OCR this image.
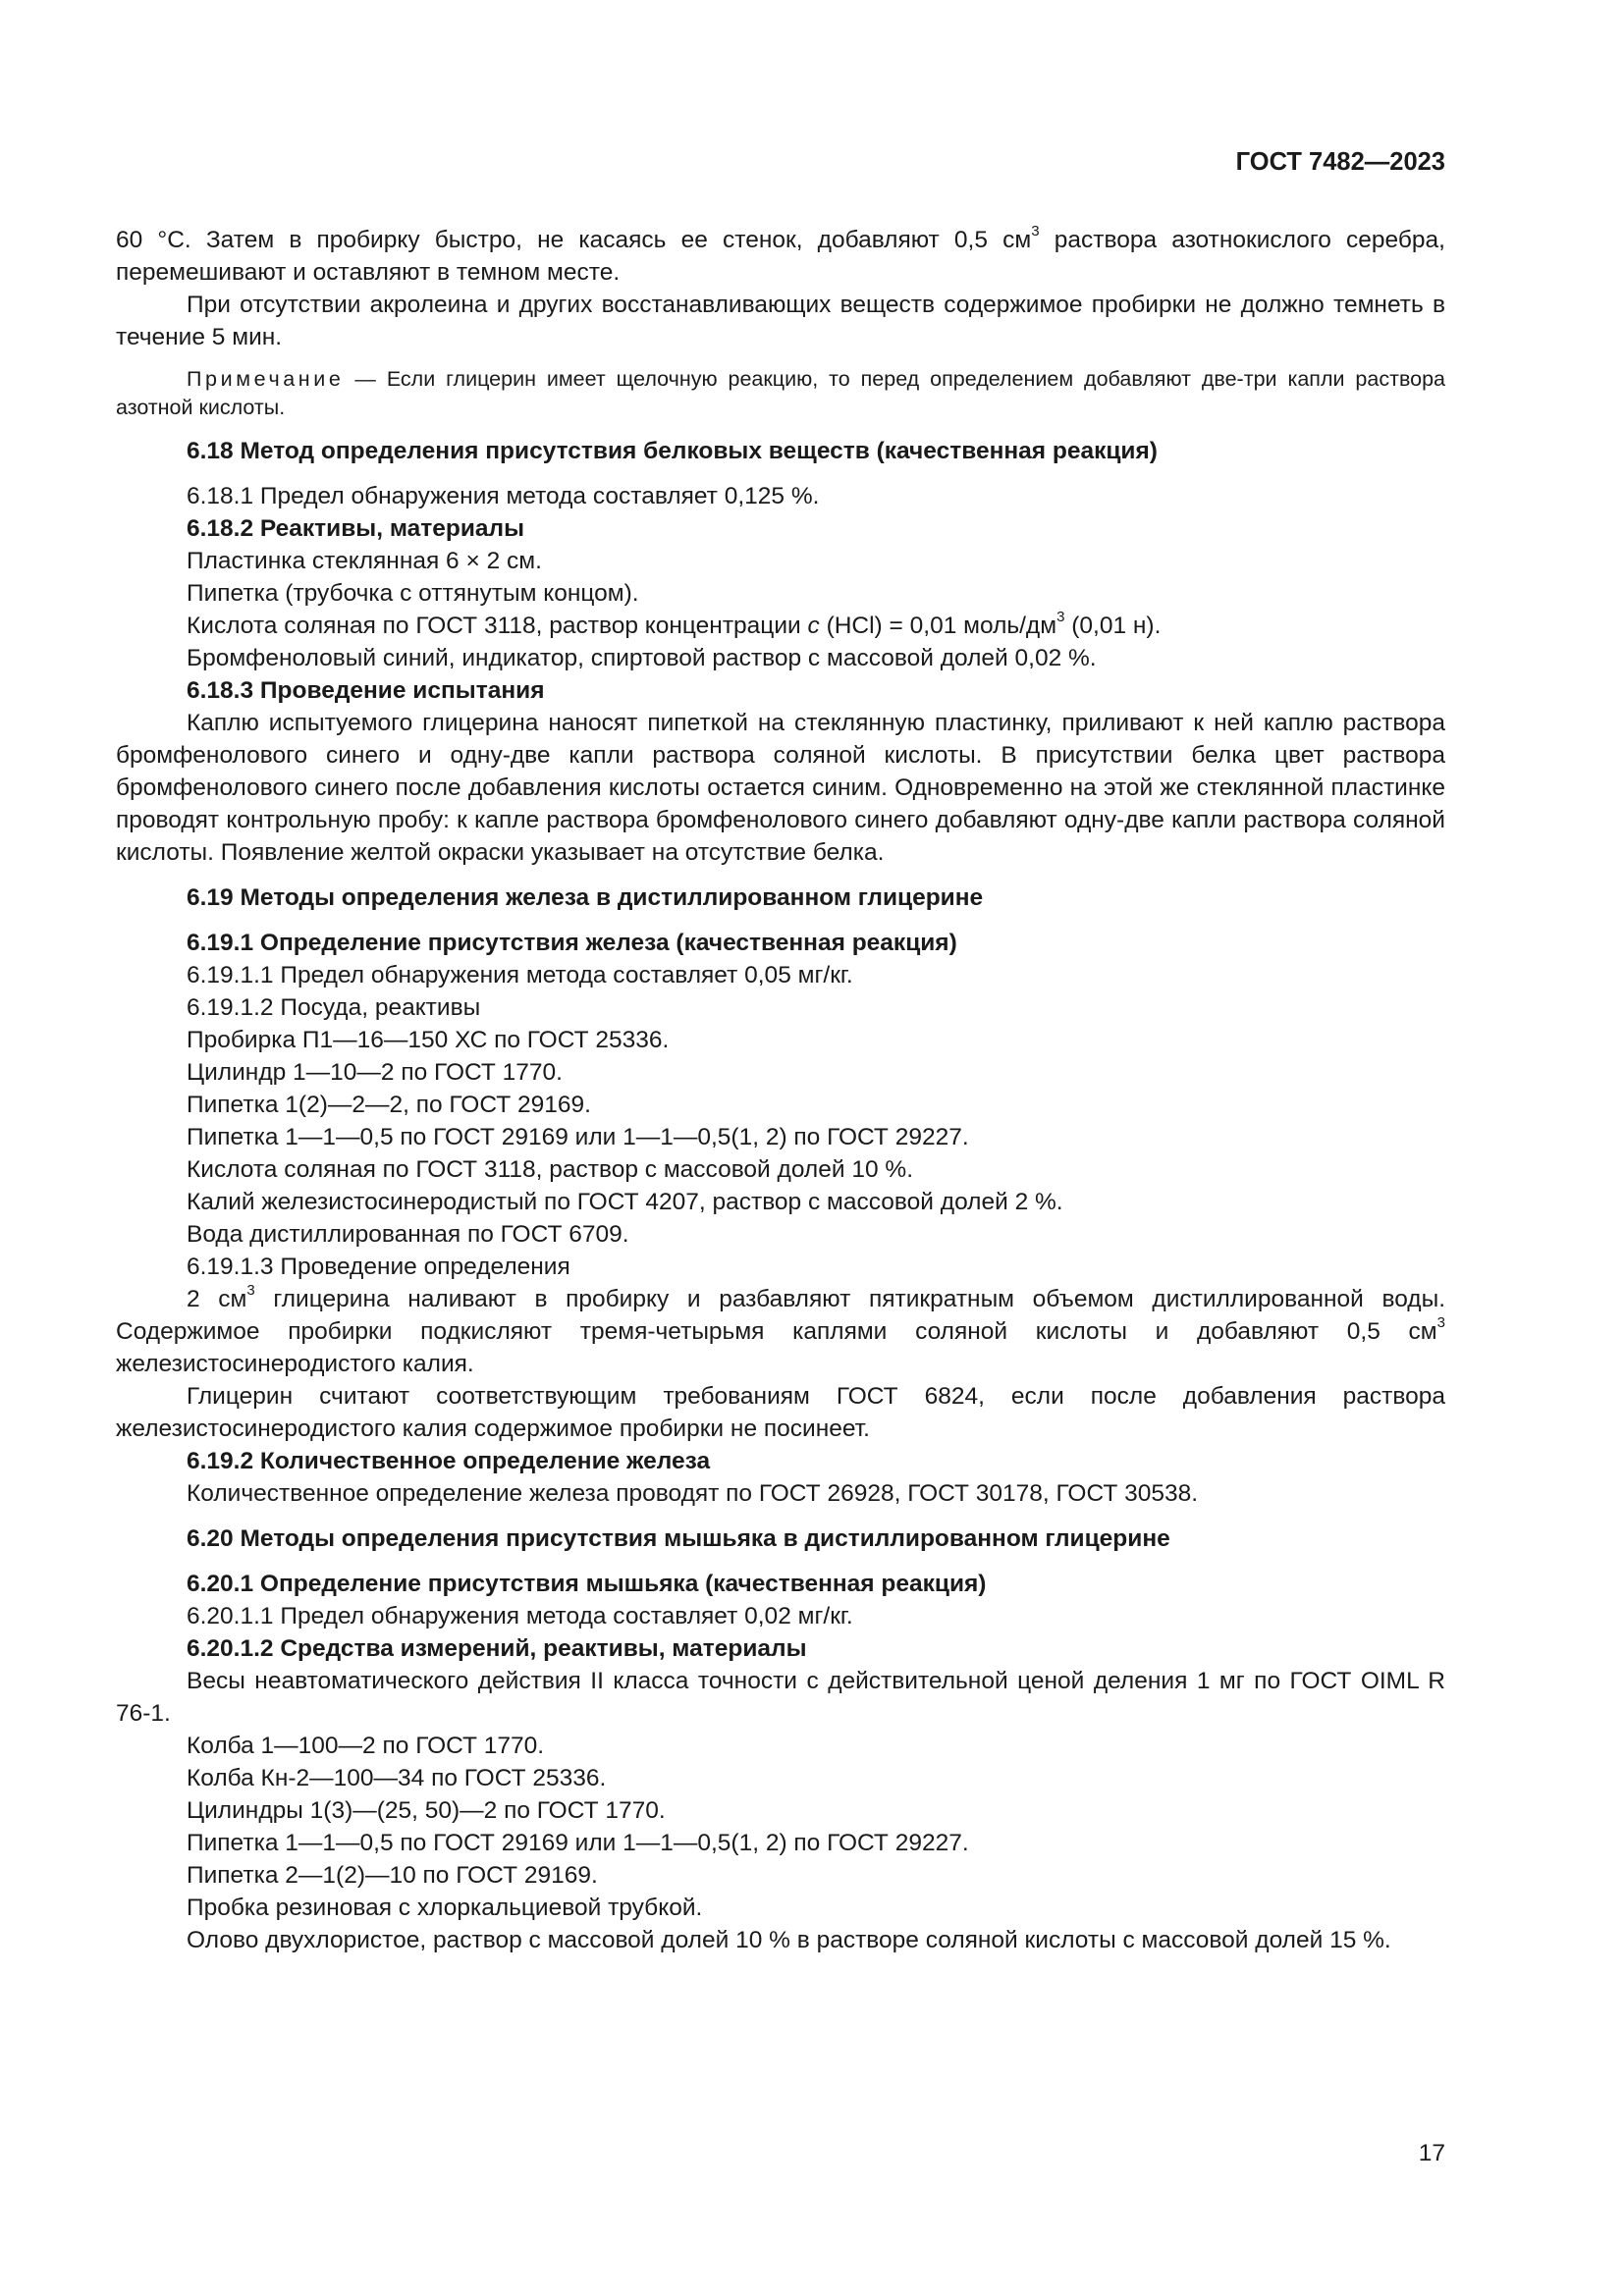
ГОСТ 7482—2023

60 °C. Затем в пробирку быстро, не касаясь ее стенок, добавляют 0,5 $см^3$ раствора азотнокислого серебра, перемешивают и оставляют в темном месте.

При отсутствии акролеина и других восстанавливающих веществ содержимое пробирки не должно темнеть в течение 5 мин.

Примечание — Если глицерин имеет щелочную реакцию, то перед определением добавляют две-три капли раствора азотной кислоты.

6.18 Метод определения присутствия белковых веществ (качественная реакция)

6.18.1 Предел обнаружения метода составляет 0,125 %.

6.18.2 Реактивы, материалы

Пластинка стеклянная 6 × 2 см.

Пипетка (трубочка с оттянутым концом).

Кислота соляная по ГОСТ 3118, раствор концентрации c (HCl) = 0,01 моль/$дм^3$ (0,01 н).

Бромфеноловый синий, индикатор, спиртовой раствор с массовой долей 0,02 %.

6.18.3 Проведение испытания

Каплю испытуемого глицерина наносят пипеткой на стеклянную пластинку, приливают к ней каплю раствора бромфенолового синего и одну-две капли раствора соляной кислоты. В присутствии белка цвет раствора бромфенолового синего после добавления кислоты остается синим. Одновременно на этой же стеклянной пластинке проводят контрольную пробу: к капле раствора бромфенолового синего добавляют одну-две капли раствора соляной кислоты. Появление желтой окраски указывает на отсутствие белка.

6.19 Методы определения железа в дистиллированном глицерине

6.19.1 Определение присутствия железа (качественная реакция)

6.19.1.1 Предел обнаружения метода составляет 0,05 мг/кг.

6.19.1.2 Посуда, реактивы

Пробирка П1—16—150 ХС по ГОСТ 25336.

Цилиндр 1—10—2 по ГОСТ 1770.

Пипетка 1(2)—2—2, по ГОСТ 29169.

Пипетка 1—1—0,5 по ГОСТ 29169 или 1—1—0,5(1, 2) по ГОСТ 29227.

Кислота соляная по ГОСТ 3118, раствор с массовой долей 10 %.

Калий железистосинеродистый по ГОСТ 4207, раствор с массовой долей 2 %.

Вода дистиллированная по ГОСТ 6709.

6.19.1.3 Проведение определения

2 $см^3$ глицерина наливают в пробирку и разбавляют пятикратным объемом дистиллированной воды. Содержимое пробирки подкисляют тремя-четырьмя каплями соляной кислоты и добавляют 0,5 $см^3$ железистосинеродистого калия.

Глицерин считают соответствующим требованиям ГОСТ 6824, если после добавления раствора железистосинеродистого калия содержимое пробирки не посинеет.

6.19.2 Количественное определение железа

Количественное определение железа проводят по ГОСТ 26928, ГОСТ 30178, ГОСТ 30538.

6.20 Методы определения присутствия мышьяка в дистиллированном глицерине

6.20.1 Определение присутствия мышьяка (качественная реакция)

6.20.1.1 Предел обнаружения метода составляет 0,02 мг/кг.

6.20.1.2 Средства измерений, реактивы, материалы

Весы неавтоматического действия II класса точности с действительной ценой деления 1 мг по ГОСТ OIML R 76-1.

Колба 1—100—2 по ГОСТ 1770.

Колба Кн-2—100—34 по ГОСТ 25336.

Цилиндры 1(3)—(25, 50)—2 по ГОСТ 1770.

Пипетка 1—1—0,5 по ГОСТ 29169 или 1—1—0,5(1, 2) по ГОСТ 29227.

Пипетка 2—1(2)—10 по ГОСТ 29169.

Пробка резиновая с хлоркальциевой трубкой.

Олово двухлористое, раствор с массовой долей 10 % в растворе соляной кислоты с массовой долей 15 %.

17
